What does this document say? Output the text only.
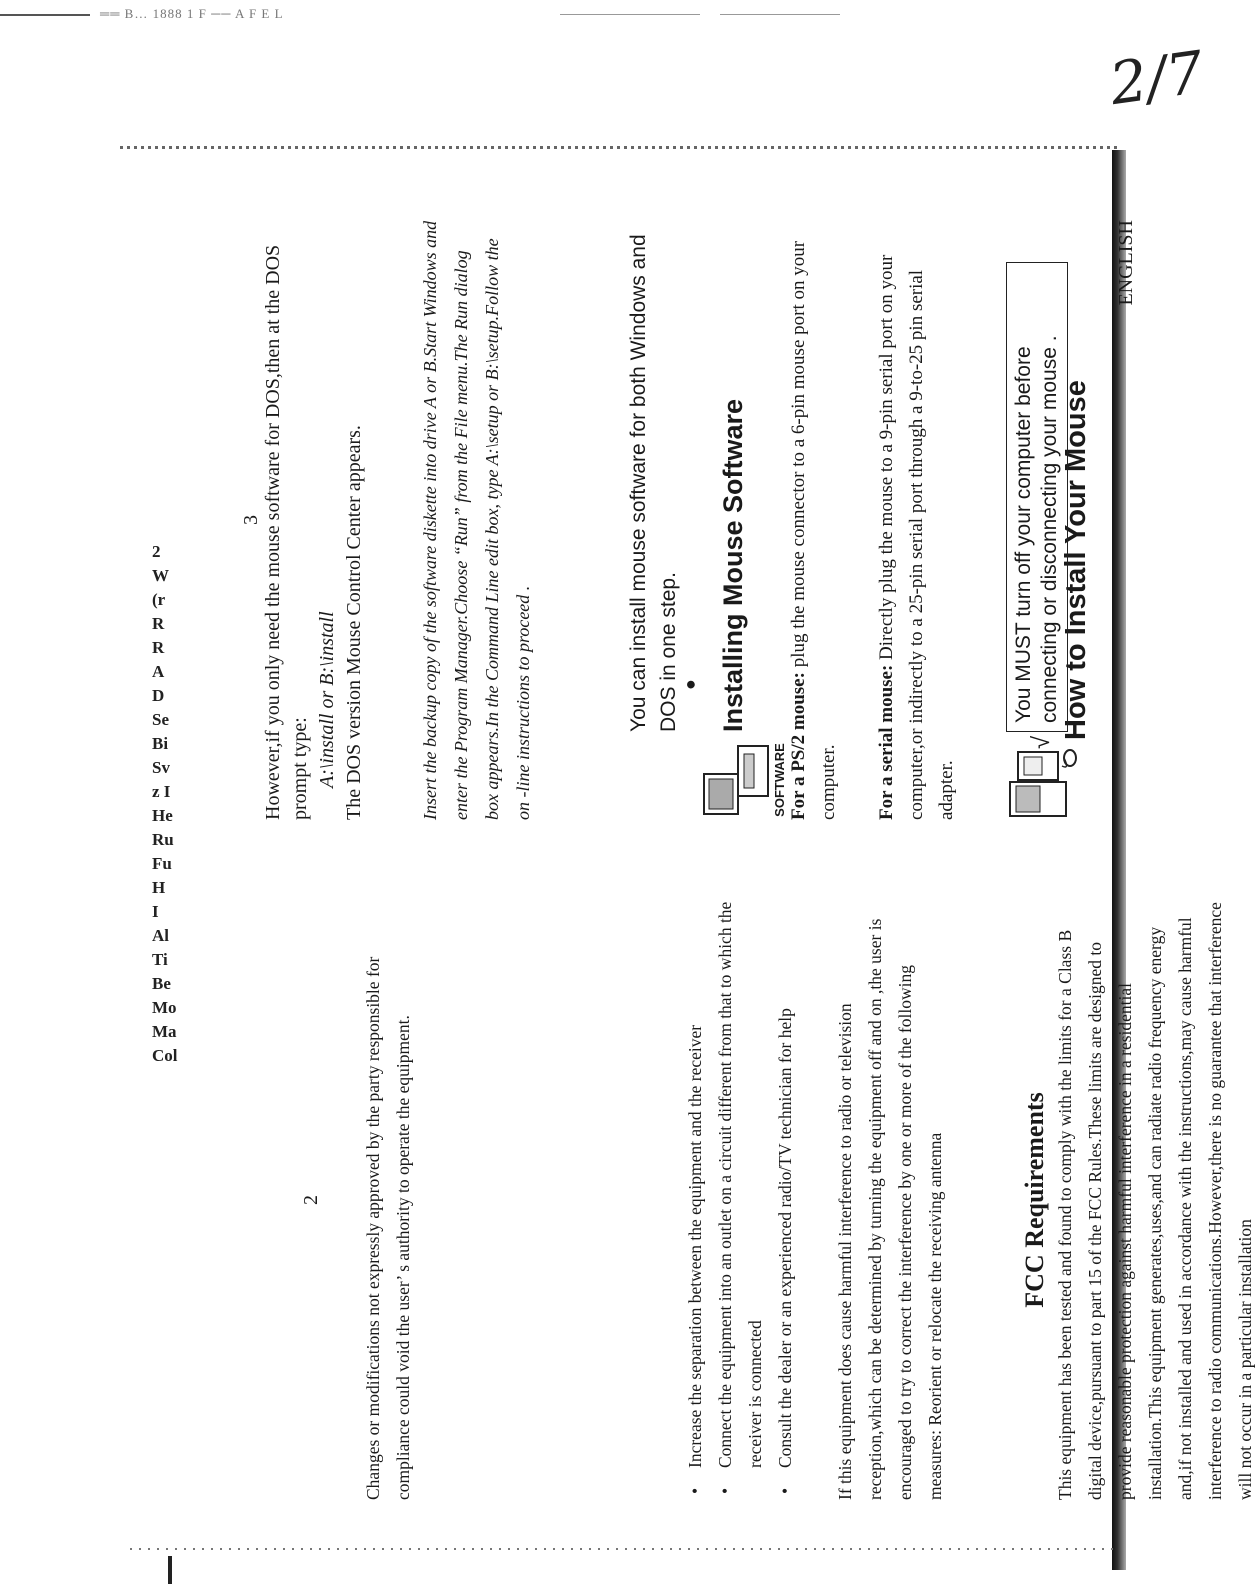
══ B… 1888 1 F ── A F E L
2/7
2
W
(r
R
R
A
D
Se
Bi
Sv
z I
He
Ru
Fu
H
I
Al
Ti
Be
Mo
Ma
Col
FCC Requirements This equipment has been tested and found to comply with the limits for a Class B digital device,pursuant to part 15 of the FCC Rules.These limits are designed to provide reasonable protection against harmful interference in a residential installation.This equipment generates,uses,and can radiate radio frequency energy and,if not installed and used in accordance with the instructions,may cause harmful interference to radio communications.However,there is no guarantee that interference will not occur in a particular installation
If this equipment does cause harmful interference to radio or television reception,which can be determined by turning the equipment off and on ,the user is encouraged to try to correct the interference by one or more of the following measures: Reorient or relocate the receiving antenna
• Increase the separation between the equipment and the receiver • Connect the equipment into an outlet on a circuit different from that to which the receiver is connected • Consult the dealer or an experienced radio/TV technician for help
Changes or modifications not expressly approved by the party responsible for compliance could void the user’ s authority to operate the equipment.
2
ENGLISH
How to Install Your Mouse
√
You MUST turn off your computer before connecting or disconnecting your mouse .
For a serial mouse: Directly plug the mouse to a 9-pin serial port on your computer,or indirectly to a 25-pin serial port through a 9-to-25 pin serial adapter.
For a PS/2 mouse: plug the mouse connector to a 6-pin mouse port on your computer.
SOFTWARE
Installing Mouse Software
●
You can install mouse software for both Windows and DOS in one step.
Insert the backup copy of the software diskette into drive A or B.Start Windows and enter the Program Manager.Choose “Run” from the File menu.The Run dialog box appears.In the Command Line edit box, type A:\setup or B:\setup.Follow the on -line instructions to proceed .
However,if you only need the mouse software for DOS,then at the DOS prompt type: A:\install or B:\install The DOS version Mouse Control Center appears.
3
